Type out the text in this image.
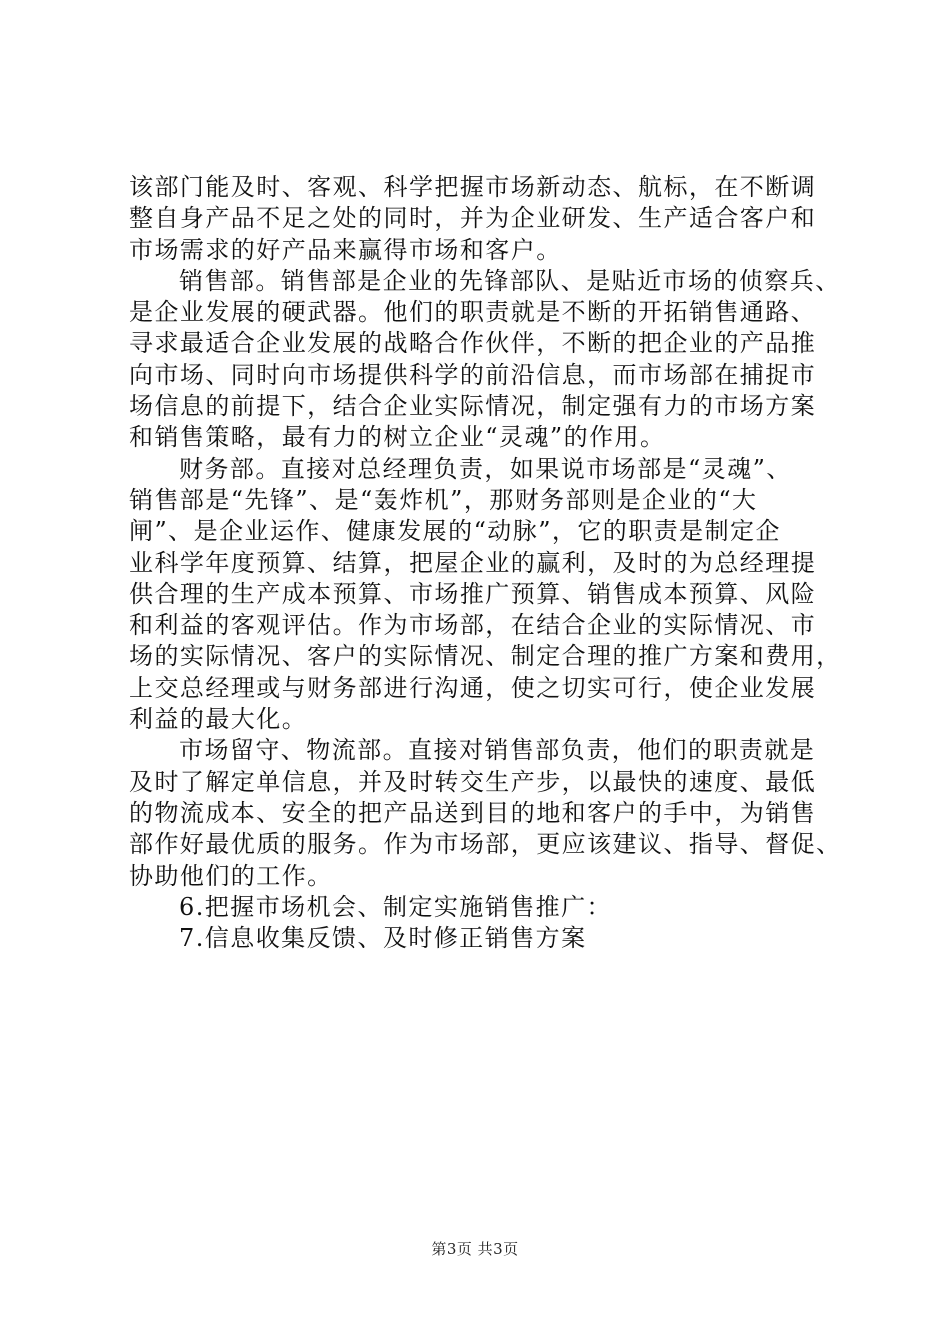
该部门能及时、客观、科学把握市场新动态、航标，在不断调
整自身产品不足之处的同时，并为企业研发、生产适合客户和
市场需求的好产品来赢得市场和客户。
销售部。销售部是企业的先锋部队、是贴近市场的侦察兵、
是企业发展的硬武器。他们的职责就是不断的开拓销售通路、
寻求最适合企业发展的战略合作伙伴，不断的把企业的产品推
向市场、同时向市场提供科学的前沿信息，而市场部在捕捉市
场信息的前提下，结合企业实际情况，制定强有力的市场方案
和销售策略，最有力的树立企业“灵魂”的作用。
财务部。直接对总经理负责，如果说市场部是“灵魂”、
销售部是“先锋”、是“轰炸机”，那财务部则是企业的“大
闸”、是企业运作、健康发展的“动脉”，它的职责是制定企
业科学年度预算、结算，把屋企业的赢利，及时的为总经理提
供合理的生产成本预算、市场推广预算、销售成本预算、风险
和利益的客观评估。作为市场部，在结合企业的实际情况、市
场的实际情况、客户的实际情况、制定合理的推广方案和费用，
上交总经理或与财务部进行沟通，使之切实可行，使企业发展
利益的最大化。
市场留守、物流部。直接对销售部负责，他们的职责就是
及时了解定单信息，并及时转交生产步，以最快的速度、最低
的物流成本、安全的把产品送到目的地和客户的手中，为销售
部作好最优质的服务。作为市场部，更应该建议、指导、督促、
协助他们的工作。
6.把握市场机会、制定实施销售推广：
7.信息收集反馈、及时修正销售方案
第3页 共3页
